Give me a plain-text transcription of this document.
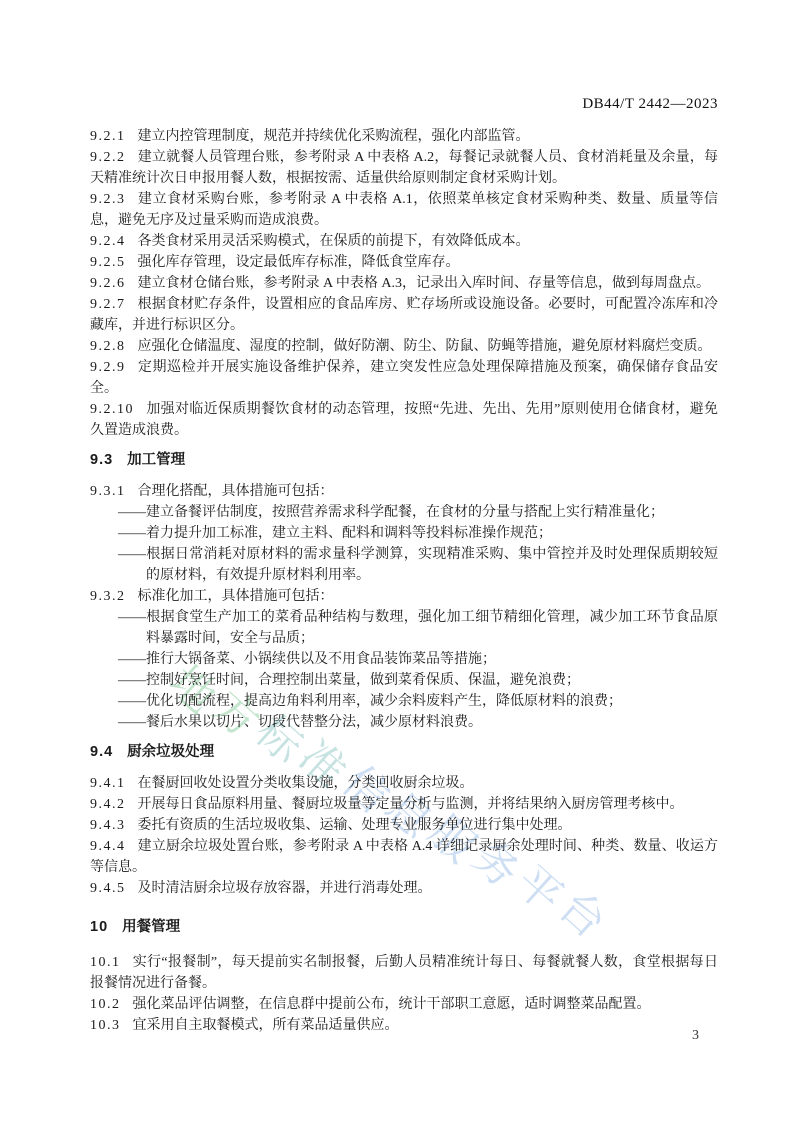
地方标准信息服务平台
DB44/T 2442—2023

9.2.1 建立内控管理制度，规范并持续优化采购流程，强化内部监管。

9.2.2 建立就餐人员管理台账，参考附录 A 中表格 A.2，每餐记录就餐人员、食材消耗量及余量，每天精准统计次日申报用餐人数，根据按需、适量供给原则制定食材采购计划。

9.2.3 建立食材采购台账，参考附录 A 中表格 A.1，依照菜单核定食材采购种类、数量、质量等信息，避免无序及过量采购而造成浪费。

9.2.4 各类食材采用灵活采购模式，在保质的前提下，有效降低成本。

9.2.5 强化库存管理，设定最低库存标准，降低食堂库存。

9.2.6 建立食材仓储台账，参考附录 A 中表格 A.3，记录出入库时间、存量等信息，做到每周盘点。

9.2.7 根据食材贮存条件，设置相应的食品库房、贮存场所或设施设备。必要时，可配置冷冻库和冷藏库，并进行标识区分。

9.2.8 应强化仓储温度、湿度的控制，做好防潮、防尘、防鼠、防蝇等措施，避免原材料腐烂变质。

9.2.9 定期巡检并开展实施设备维护保养，建立突发性应急处理保障措施及预案，确保储存食品安全。

9.2.10 加强对临近保质期餐饮食材的动态管理，按照“先进、先出、先用”原则使用仓储食材，避免久置造成浪费。

9.3 加工管理

9.3.1 合理化搭配，具体措施可包括：

——建立备餐评估制度，按照营养需求科学配餐，在食材的分量与搭配上实行精准量化；

——着力提升加工标准，建立主料、配料和调料等投料标准操作规范；

——根据日常消耗对原材料的需求量科学测算，实现精准采购、集中管控并及时处理保质期较短的原材料，有效提升原材料利用率。

9.3.2 标准化加工，具体措施可包括：

——根据食堂生产加工的菜肴品种结构与数理，强化加工细节精细化管理，减少加工环节食品原料暴露时间，安全与品质；

——推行大锅备菜、小锅续供以及不用食品装饰菜品等措施；

——控制好烹饪时间，合理控制出菜量，做到菜肴保质、保温，避免浪费；

——优化切配流程，提高边角料利用率，减少余料废料产生，降低原材料的浪费；

——餐后水果以切片、切段代替整分法，减少原材料浪费。

9.4 厨余垃圾处理

9.4.1 在餐厨回收处设置分类收集设施，分类回收厨余垃圾。

9.4.2 开展每日食品原料用量、餐厨垃圾量等定量分析与监测，并将结果纳入厨房管理考核中。

9.4.3 委托有资质的生活垃圾收集、运输、处理专业服务单位进行集中处理。

9.4.4 建立厨余垃圾处置台账，参考附录 A 中表格 A.4 详细记录厨余处理时间、种类、数量、收运方等信息。

9.4.5 及时清洁厨余垃圾存放容器，并进行消毒处理。

10 用餐管理

10.1 实行“报餐制”，每天提前实名制报餐，后勤人员精准统计每日、每餐就餐人数，食堂根据每日报餐情况进行备餐。

10.2 强化菜品评估调整，在信息群中提前公布，统计干部职工意愿，适时调整菜品配置。

10.3 宜采用自主取餐模式，所有菜品适量供应。

3
